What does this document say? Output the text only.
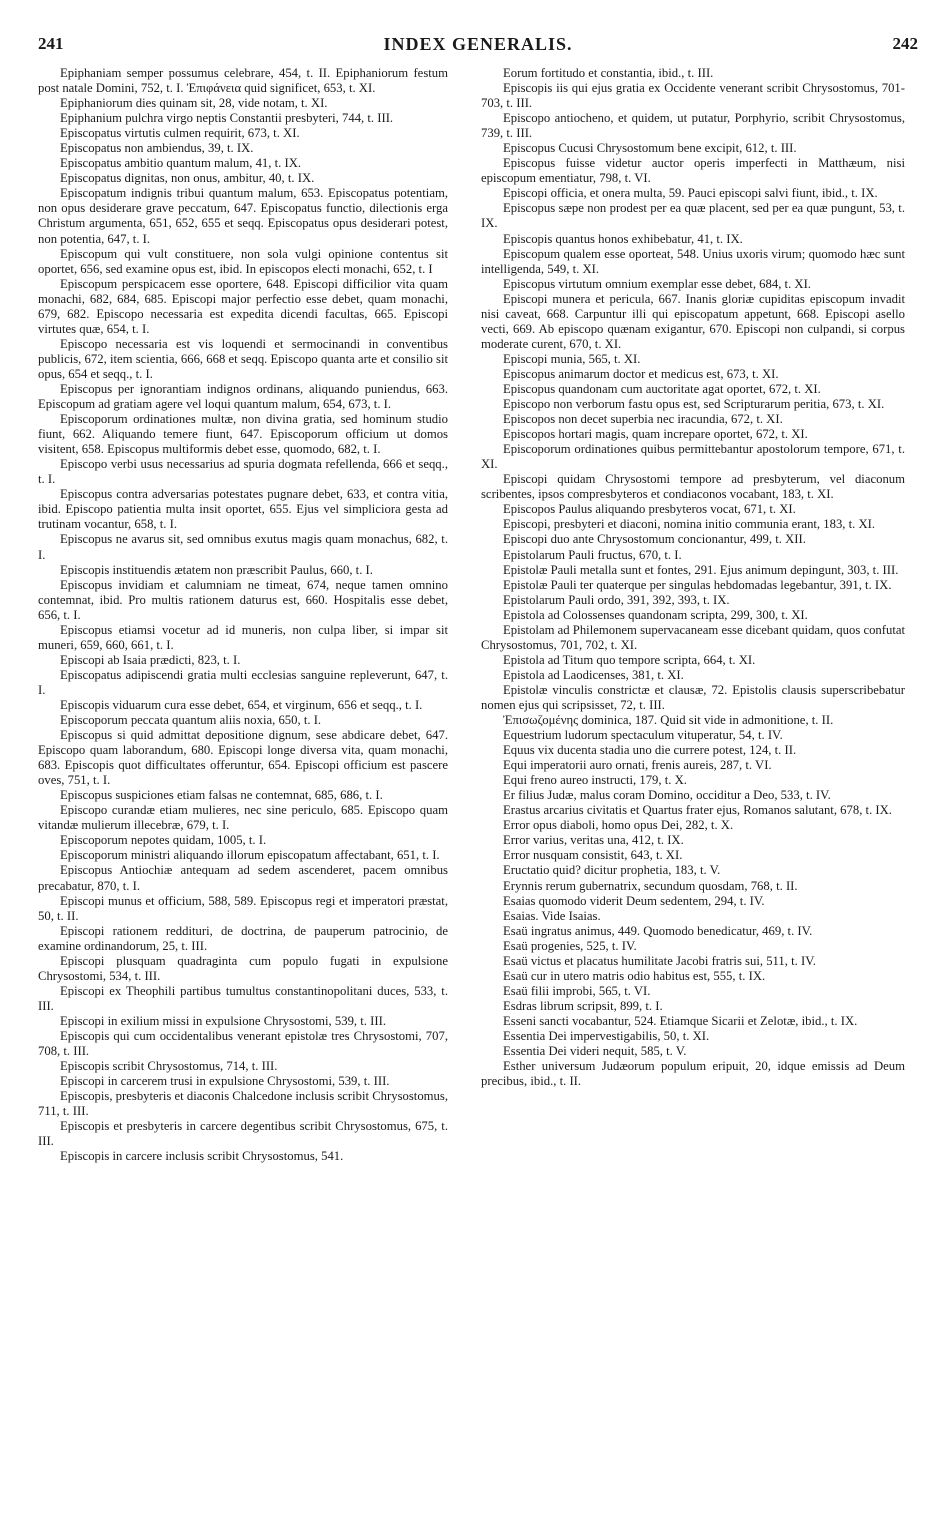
241	INDEX GENERALIS.	242

Epiphaniam semper possumus celebrare, 454, t. II. Epiphaniorum festum post natale Domini, 752, t. I. Ἐπιφάνεια quid significet, 653, t. XI.

Epiphaniorum dies quinam sit, 28, vide notam, t. XI.

Epiphanium pulchra virgo neptis Constantii presbyteri, 744, t. III.

Episcopatus virtutis culmen requirit, 673, t. XI.

Episcopatus non ambiendus, 39, t. IX.

Episcopatus ambitio quantum malum, 41, t. IX.

Episcopatus dignitas, non onus, ambitur, 40, t. IX.

Episcopatum indignis tribui quantum malum, 653. Episcopatus potentiam, non opus desiderare grave peccatum, 647. Episcopatus functio, dilectionis erga Christum argumenta, 651, 652, 655 et seqq. Episcopatus opus desiderari potest, non potentia, 647, t. I.

Episcopum qui vult constituere, non sola vulgi opinione contentus sit oportet, 656, sed examine opus est, ibid. In episcopos electi monachi, 652, t. I

Episcopum perspicacem esse oportere, 648. Episcopi difficilior vita quam monachi, 682, 684, 685. Episcopi major perfectio esse debet, quam monachi, 679, 682. Episcopo necessaria est expedita dicendi facultas, 665. Episcopi virtutes quæ, 654, t. I.

Episcopo necessaria est vis loquendi et sermocinandi in conventibus publicis, 672, item scientia, 666, 668 et seqq. Episcopo quanta arte et consilio sit opus, 654 et seqq., t. I.

Episcopus per ignorantiam indignos ordinans, aliquando puniendus, 663. Episcopum ad gratiam agere vel loqui quantum malum, 654, 673, t. I.

Episcoporum ordinationes multæ, non divina gratia, sed hominum studio fiunt, 662. Aliquando temere fiunt, 647. Episcoporum officium ut domos visitent, 658. Episcopus multiformis debet esse, quomodo, 682, t. I.

Episcopo verbi usus necessarius ad spuria dogmata refellenda, 666 et seqq., t. I.

Episcopus contra adversarias potestates pugnare debet, 633, et contra vitia, ibid. Episcopo patientia multa insit oportet, 655. Ejus vel simpliciora gesta ad trutinam vocantur, 658, t. I.

Episcopus ne avarus sit, sed omnibus exutus magis quam monachus, 682, t. I.

Episcopis instituendis ætatem non præscribit Paulus, 660, t. I.

Episcopus invidiam et calumniam ne timeat, 674, neque tamen omnino contemnat, ibid. Pro multis rationem daturus est, 660. Hospitalis esse debet, 656, t. I.

Episcopus etiamsi vocetur ad id muneris, non culpa liber, si impar sit muneri, 659, 660, 661, t. I.

Episcopi ab Isaia prædicti, 823, t. I.

Episcopatus adipiscendi gratia multi ecclesias sanguine repleverunt, 647, t. I.

Episcopis viduarum cura esse debet, 654, et virginum, 656 et seqq., t. I.

Episcoporum peccata quantum aliis noxia, 650, t. I.

Episcopus si quid admittat depositione dignum, sese abdicare debet, 647. Episcopo quam laborandum, 680. Episcopi longe diversa vita, quam monachi, 683. Episcopis quot difficultates offeruntur, 654. Episcopi officium est pascere oves, 751, t. I.

Episcopus suspiciones etiam falsas ne contemnat, 685, 686, t. I.

Episcopo curandæ etiam mulieres, nec sine periculo, 685. Episcopo quam vitandæ mulierum illecebræ, 679, t. I.

Episcoporum nepotes quidam, 1005, t. I.

Episcoporum ministri aliquando illorum episcopatum affectabant, 651, t. I.

Episcopus Antiochiæ antequam ad sedem ascenderet, pacem omnibus precabatur, 870, t. I.

Episcopi munus et officium, 588, 589. Episcopus regi et imperatori præstat, 50, t. II.

Episcopi rationem reddituri, de doctrina, de pauperum patrocinio, de examine ordinandorum, 25, t. III.

Episcopi plusquam quadraginta cum populo fugati in expulsione Chrysostomi, 534, t. III.

Episcopi ex Theophili partibus tumultus constantinopolitani duces, 533, t. III.

Episcopi in exilium missi in expulsione Chrysostomi, 539, t. III.

Episcopis qui cum occidentalibus venerant epistolæ tres Chrysostomi, 707, 708, t. III.

Episcopis scribit Chrysostomus, 714, t. III.

Episcopi in carcerem trusi in expulsione Chrysostomi, 539, t. III.

Episcopis, presbyteris et diaconis Chalcedone inclusis scribit Chrysostomus, 711, t. III.

Episcopis et presbyteris in carcere degentibus scribit Chrysostomus, 675, t. III.

Episcopis in carcere inclusis scribit Chrysostomus, 541.

Eorum fortitudo et constantia, ibid., t. III.

Episcopis iis qui ejus gratia ex Occidente venerant scribit Chrysostomus, 701-703, t. III.

Episcopo antiocheno, et quidem, ut putatur, Porphyrio, scribit Chrysostomus, 739, t. III.

Episcopus Cucusi Chrysostomum bene excipit, 612, t. III.

Episcopus fuisse videtur auctor operis imperfecti in Matthæum, nisi episcopum ementiatur, 798, t. VI.

Episcopi officia, et onera multa, 59. Pauci episcopi salvi fiunt, ibid., t. IX.

Episcopus sæpe non prodest per ea quæ placent, sed per ea quæ pungunt, 53, t. IX.

Episcopis quantus honos exhibebatur, 41, t. IX.

Episcopum qualem esse oporteat, 548. Unius uxoris virum; quomodo hæc sunt intelligenda, 549, t. XI.

Episcopus virtutum omnium exemplar esse debet, 684, t. XI.

Episcopi munera et pericula, 667. Inanis gloriæ cupiditas episcopum invadit nisi caveat, 668. Carpuntur illi qui episcopatum appetunt, 668. Episcopi asello vecti, 669. Ab episcopo quænam exigantur, 670. Episcopi non culpandi, si corpus moderate curent, 670, t. XI.

Episcopi munia, 565, t. XI.

Episcopus animarum doctor et medicus est, 673, t. XI.

Episcopus quandonam cum auctoritate agat oportet, 672, t. XI.

Episcopo non verborum fastu opus est, sed Scripturarum peritia, 673, t. XI.

Episcopos non decet superbia nec iracundia, 672, t. XI.

Episcopos hortari magis, quam increpare oportet, 672, t. XI.

Episcoporum ordinationes quibus permittebantur apostolorum tempore, 671, t. XI.

Episcopi quidam Chrysostomi tempore ad presbyterum, vel diaconum scribentes, ipsos compresbyteros et condiaconos vocabant, 183, t. XI.

Episcopos Paulus aliquando presbyteros vocat, 671, t. XI.

Episcopi, presbyteri et diaconi, nomina initio communia erant, 183, t. XI.

Episcopi duo ante Chrysostomum concionantur, 499, t. XII.

Epistolarum Pauli fructus, 670, t. I.

Epistolæ Pauli metalla sunt et fontes, 291. Ejus animum depingunt, 303, t. III.

Epistolæ Pauli ter quaterque per singulas hebdomadas legebantur, 391, t. IX.

Epistolarum Pauli ordo, 391, 392, 393, t. IX.

Epistola ad Colossenses quandonam scripta, 299, 300, t. XI.

Epistolam ad Philemonem supervacaneam esse dicebant quidam, quos confutat Chrysostomus, 701, 702, t. XI.

Epistola ad Titum quo tempore scripta, 664, t. XI.

Epistola ad Laodicenses, 381, t. XI.

Epistolæ vinculis constrictæ et clausæ, 72. Epistolis clausis superscribebatur nomen ejus qui scripsisset, 72, t. III.

Ἐπισωζομένης dominica, 187. Quid sit vide in admonitione, t. II.

Equestrium ludorum spectaculum vituperatur, 54, t. IV.

Equus vix ducenta stadia uno die currere potest, 124, t. II.

Equi imperatorii auro ornati, frenis aureis, 287, t. VI.

Equi freno aureo instructi, 179, t. X.

Er filius Judæ, malus coram Domino, occiditur a Deo, 533, t. IV.

Erastus arcarius civitatis et Quartus frater ejus, Romanos salutant, 678, t. IX.

Error opus diaboli, homo opus Dei, 282, t. X.

Error varius, veritas una, 412, t. IX.

Error nusquam consistit, 643, t. XI.

Eructatio quid? dicitur prophetia, 183, t. V.

Erynnis rerum gubernatrix, secundum quosdam, 768, t. II.

Esaias quomodo viderit Deum sedentem, 294, t. IV.

Esaias. Vide Isaias.

Esaü ingratus animus, 449. Quomodo benedicatur, 469, t. IV.

Esaü progenies, 525, t. IV.

Esaü victus et placatus humilitate Jacobi fratris sui, 511, t. IV.

Esaü cur in utero matris odio habitus est, 555, t. IX.

Esaü filii improbi, 565, t. VI.

Esdras librum scripsit, 899, t. I.

Esseni sancti vocabantur, 524. Etiamque Sicarii et Zelotæ, ibid., t. IX.

Essentia Dei impervestigabilis, 50, t. XI.

Essentia Dei videri nequit, 585, t. V.

Esther universum Judæorum populum eripuit, 20, idque emissis ad Deum precibus, ibid., t. II.
